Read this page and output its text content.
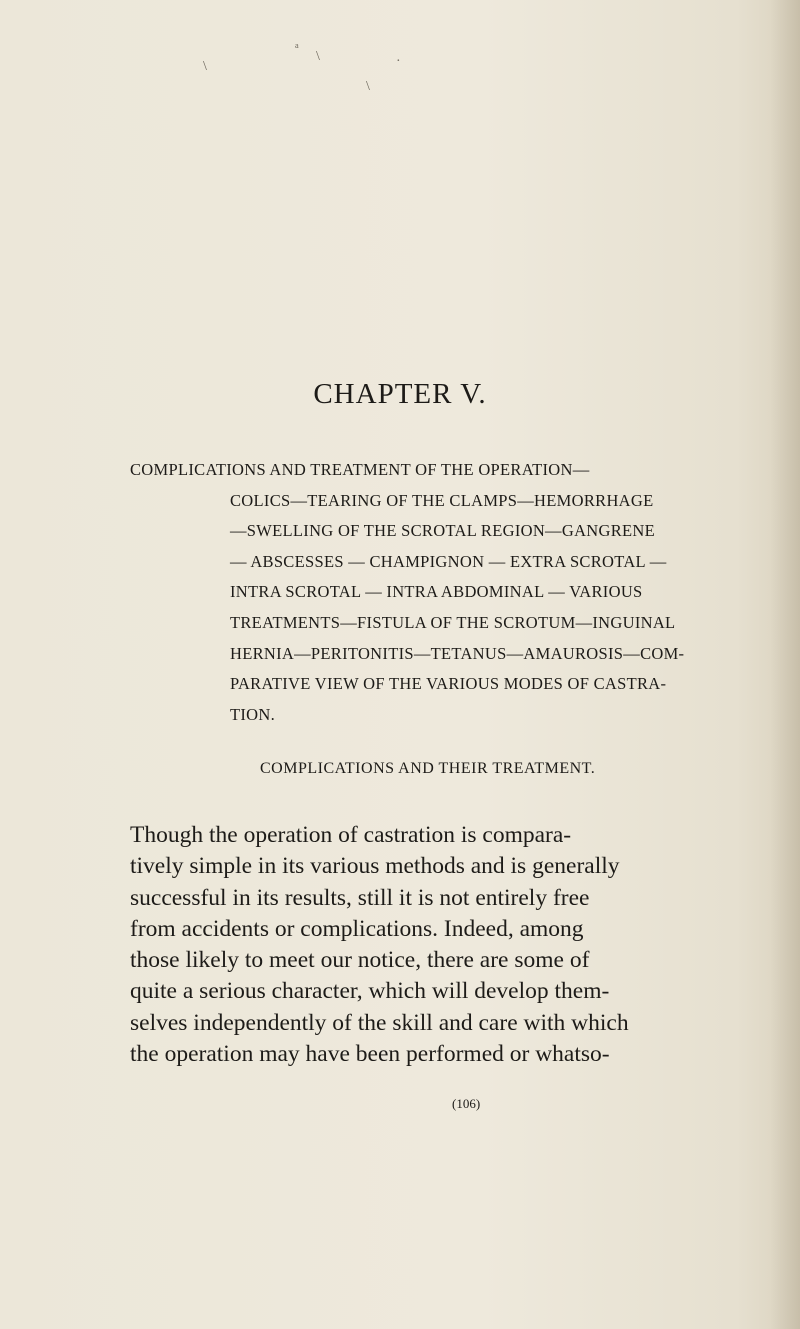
\
ᵃ
\
\
·
CHAPTER V.
COMPLICATIONS AND TREATMENT OF THE OPERATION—
COLICS—TEARING OF THE CLAMPS—HEMORRHAGE
—SWELLING OF THE SCROTAL REGION—GANGRENE
— ABSCESSES — CHAMPIGNON — EXTRA SCROTAL —
INTRA SCROTAL — INTRA ABDOMINAL — VARIOUS
TREATMENTS—FISTULA OF THE SCROTUM—INGUINAL
HERNIA—PERITONITIS—TETANUS—AMAUROSIS—COM-
PARATIVE VIEW OF THE VARIOUS MODES OF CASTRA-
TION.
COMPLICATIONS AND THEIR TREATMENT.
Though the operation of castration is compara-
tively simple in its various methods and is generally
successful in its results, still it is not entirely free
from accidents or complications. Indeed, among
those likely to meet our notice, there are some of
quite a serious character, which will develop them-
selves independently of the skill and care with which
the operation may have been performed or whatso-
(106)
